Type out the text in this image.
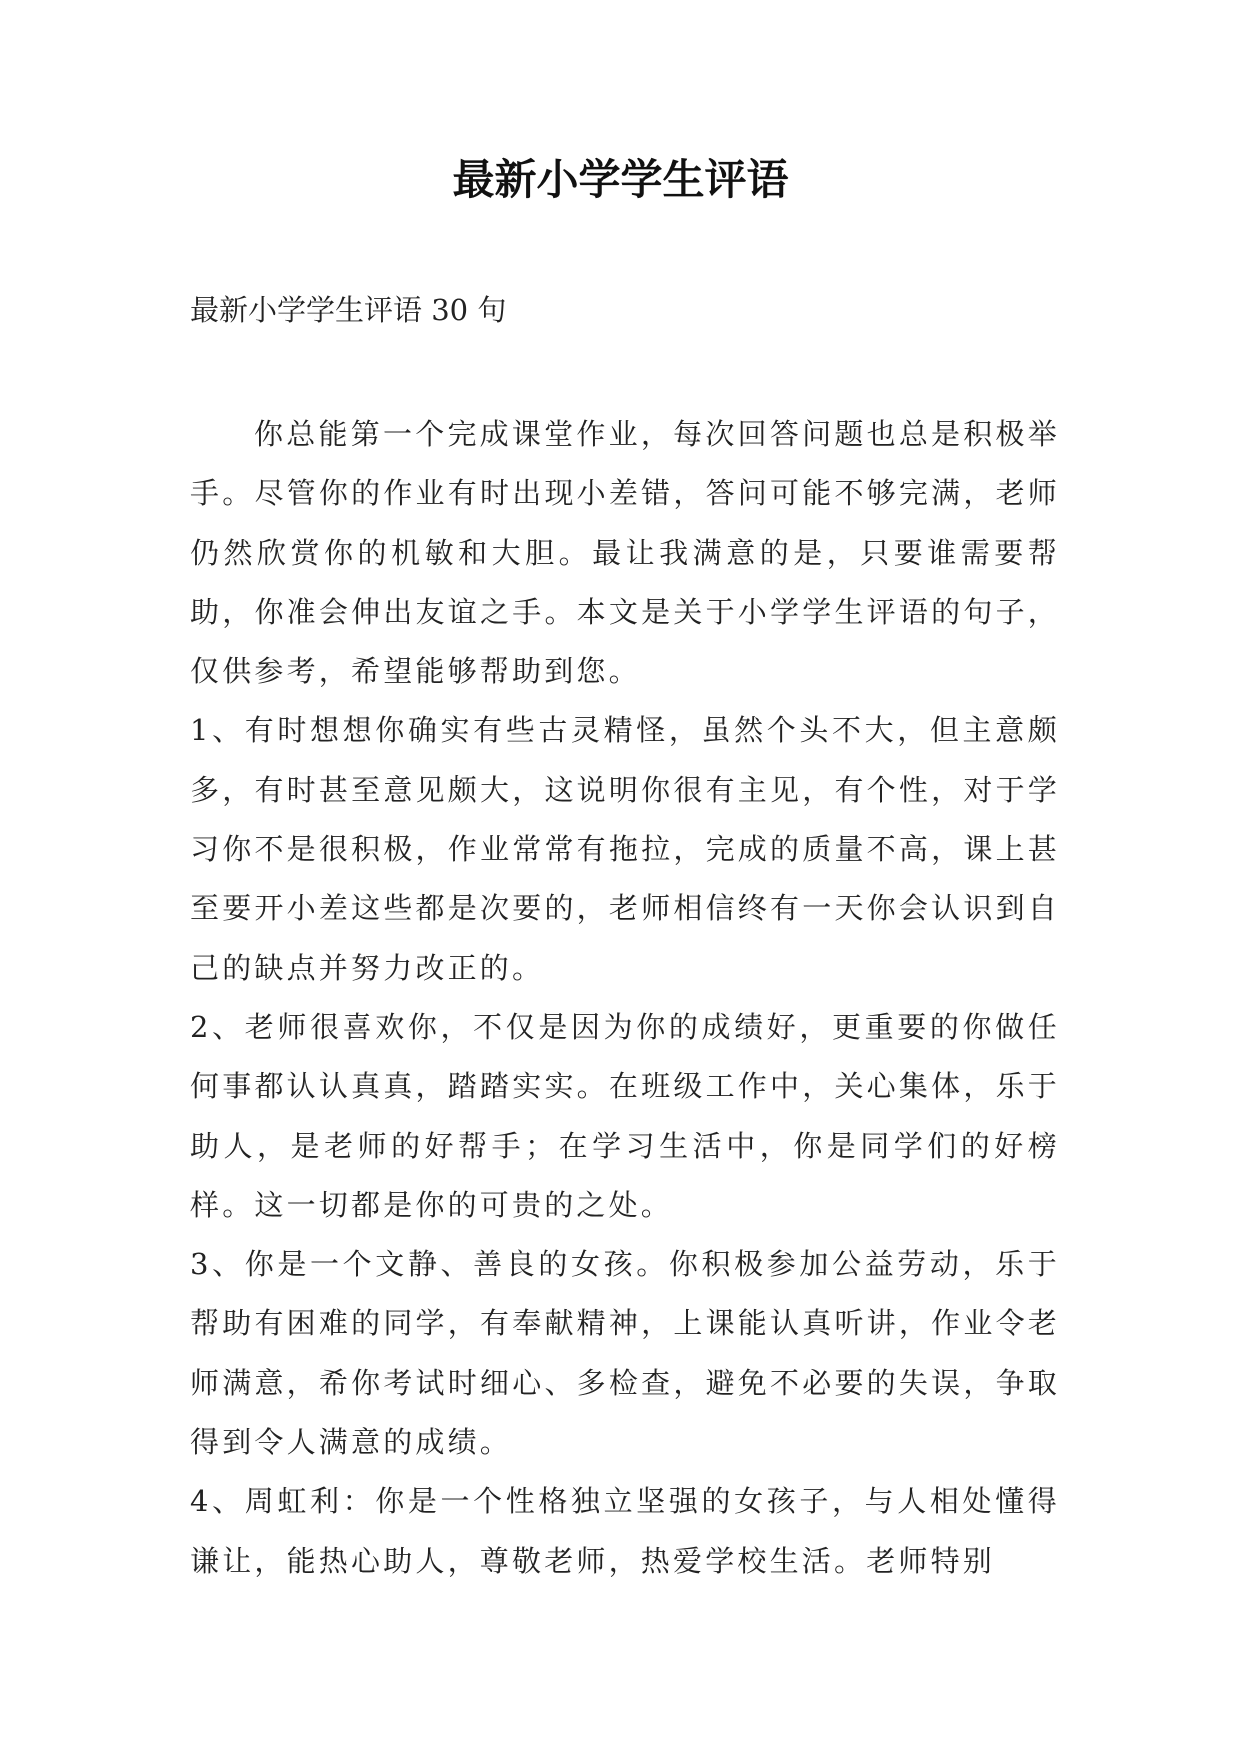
最新小学学生评语

最新小学学生评语 30 句

你总能第一个完成课堂作业，每次回答问题也总是积极举手。尽管你的作业有时出现小差错，答问可能不够完满，老师仍然欣赏你的机敏和大胆。最让我满意的是，只要谁需要帮助，你准会伸出友谊之手。本文是关于小学学生评语的句子，仅供参考，希望能够帮助到您。

1、有时想想你确实有些古灵精怪，虽然个头不大，但主意颇多，有时甚至意见颇大，这说明你很有主见，有个性，对于学习你不是很积极，作业常常有拖拉，完成的质量不高，课上甚至要开小差这些都是次要的，老师相信终有一天你会认识到自己的缺点并努力改正的。

2、老师很喜欢你，不仅是因为你的成绩好，更重要的你做任何事都认认真真，踏踏实实。在班级工作中，关心集体，乐于助人，是老师的好帮手；在学习生活中，你是同学们的好榜样。这一切都是你的可贵的之处。

3、你是一个文静、善良的女孩。你积极参加公益劳动，乐于帮助有困难的同学，有奉献精神，上课能认真听讲，作业令老师满意，希你考试时细心、多检查，避免不必要的失误，争取得到令人满意的成绩。

4、周虹利：你是一个性格独立坚强的女孩子，与人相处懂得谦让，能热心助人，尊敬老师，热爱学校生活。老师特别
